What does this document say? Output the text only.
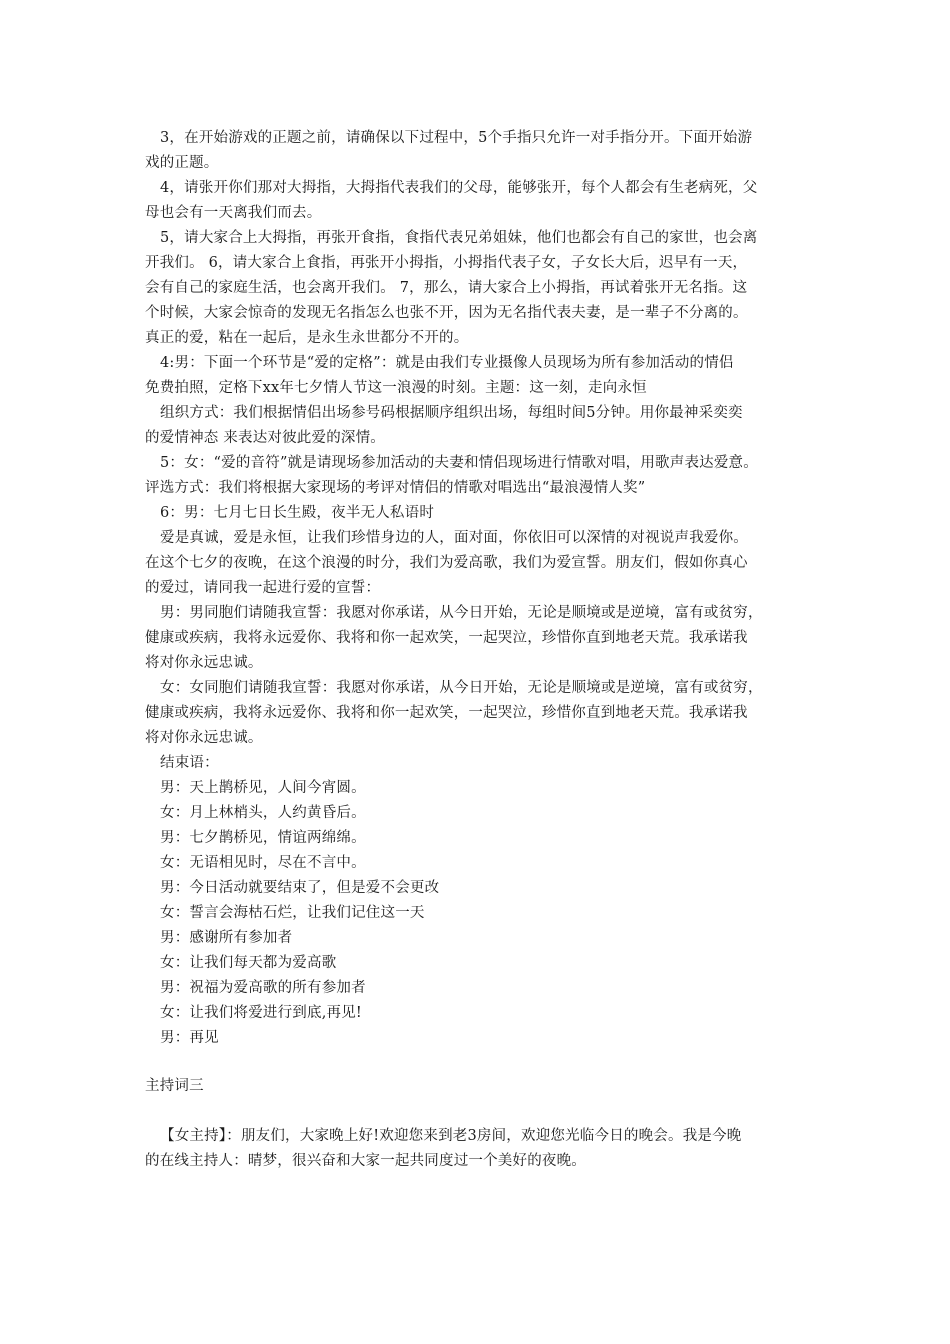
3，在开始游戏的正题之前，请确保以下过程中，5个手指只允许一对手指分开。下面开始游
戏的正题。
4，请张开你们那对大拇指，大拇指代表我们的父母，能够张开，每个人都会有生老病死，父
母也会有一天离我们而去。
5，请大家合上大拇指，再张开食指，食指代表兄弟姐妹，他们也都会有自己的家世，也会离
开我们。 6，请大家合上食指，再张开小拇指，小拇指代表子女，子女长大后，迟早有一天，
会有自己的家庭生活，也会离开我们。 7，那么，请大家合上小拇指，再试着张开无名指。这
个时候，大家会惊奇的发现无名指怎么也张不开，因为无名指代表夫妻，是一辈子不分离的。
真正的爱，粘在一起后，是永生永世都分不开的。
4:男：下面一个环节是“爱的定格”：就是由我们专业摄像人员现场为所有参加活动的情侣
免费拍照，定格下xx年七夕情人节这一浪漫的时刻。主题：这一刻，走向永恒
组织方式：我们根据情侣出场参号码根据顺序组织出场，每组时间5分钟。用你最神采奕奕
的爱情神态 来表达对彼此爱的深情。
5：女：“爱的音符”就是请现场参加活动的夫妻和情侣现场进行情歌对唱，用歌声表达爱意。
评选方式：我们将根据大家现场的考评对情侣的情歌对唱选出“最浪漫情人奖”
6：男：七月七日长生殿，夜半无人私语时
爱是真诚，爱是永恒，让我们珍惜身边的人，面对面，你依旧可以深情的对视说声我爱你。
在这个七夕的夜晚，在这个浪漫的时分，我们为爱高歌，我们为爱宣誓。朋友们，假如你真心
的爱过，请同我一起进行爱的宣誓：
男：男同胞们请随我宣誓：我愿对你承诺，从今日开始，无论是顺境或是逆境，富有或贫穷，
健康或疾病，我将永远爱你、我将和你一起欢笑，一起哭泣，珍惜你直到地老天荒。我承诺我
将对你永远忠诚。
女：女同胞们请随我宣誓：我愿对你承诺，从今日开始，无论是顺境或是逆境，富有或贫穷，
健康或疾病，我将永远爱你、我将和你一起欢笑，一起哭泣，珍惜你直到地老天荒。我承诺我
将对你永远忠诚。
结束语：
男：天上鹊桥见，人间今宵圆。
女：月上林梢头，人约黄昏后。
男：七夕鹊桥见，情谊两绵绵。
女：无语相见时，尽在不言中。
男：今日活动就要结束了，但是爱不会更改
女：誓言会海枯石烂，让我们记住这一天
男：感谢所有参加者
女：让我们每天都为爱高歌
男：祝福为爱高歌的所有参加者
女：让我们将爱进行到底,再见!
男：再见
主持词三
【女主持】：朋友们，大家晚上好!欢迎您来到老3房间，欢迎您光临今日的晚会。我是今晚
的在线主持人：晴梦，很兴奋和大家一起共同度过一个美好的夜晚。
